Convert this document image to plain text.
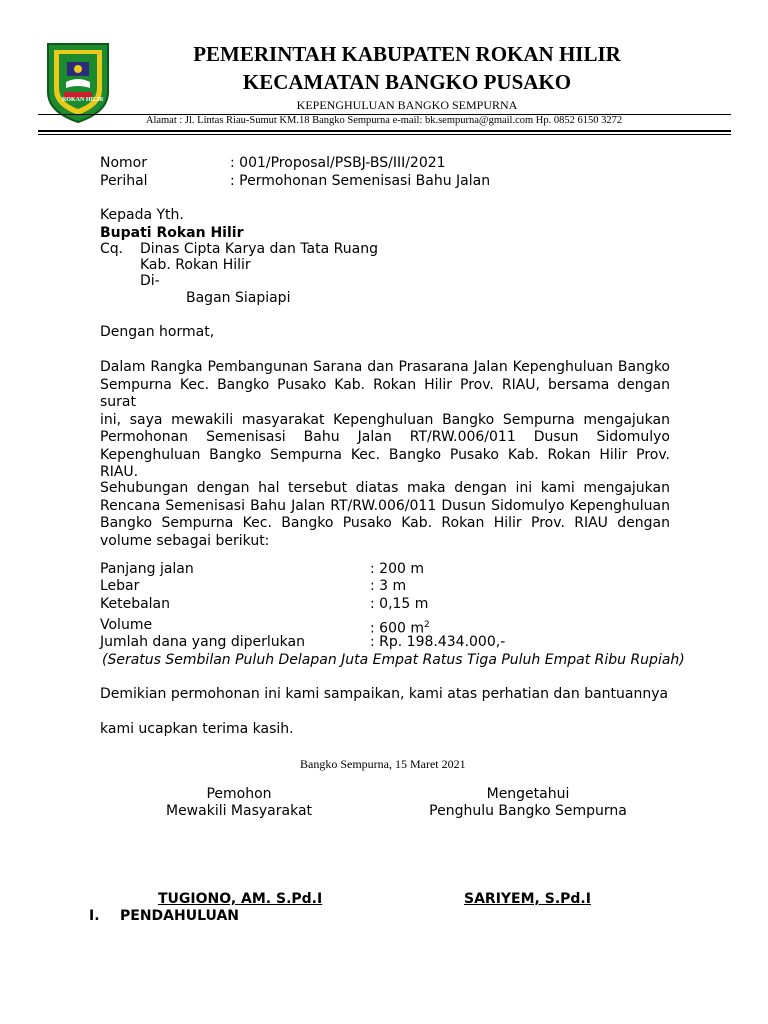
ROKAN HILIR
PEMERINTAH KABUPATEN ROKAN HILIR
KECAMATAN BANGKO PUSAKO
KEPENGHULUAN BANGKO SEMPURNA
Alamat : Jl. Lintas Riau-Sumut KM.18 Bangko Sempurna e-mail: bk.sempurna@gmail.com Hp. 0852 6150 3272
Nomor	: 001/Proposal/PSBJ-BS/III/2021
Perihal	: Permohonan Semenisasi Bahu Jalan
Kepada Yth.
Bupati Rokan Hilir
Cq. Dinas Cipta Karya dan Tata Ruang
Kab. Rokan Hilir
Di-
Bagan Siapiapi
Dengan hormat,
Dalam Rangka Pembangunan Sarana dan Prasarana Jalan Kepenghuluan Bangko
Sempurna Kec. Bangko Pusako Kab. Rokan Hilir Prov. RIAU, bersama dengan surat
ini, saya mewakili masyarakat Kepenghuluan Bangko Sempurna mengajukan
Permohonan Semenisasi Bahu Jalan RT/RW.006/011 Dusun Sidomulyo
Kepenghuluan Bangko Sempurna Kec. Bangko Pusako Kab. Rokan Hilir Prov.
RIAU.
Sehubungan dengan hal tersebut diatas maka dengan ini kami mengajukan
Rencana Semenisasi Bahu Jalan RT/RW.006/011 Dusun Sidomulyo Kepenghuluan
Bangko Sempurna Kec. Bangko Pusako Kab. Rokan Hilir Prov. RIAU dengan
volume sebagai berikut:
Panjang jalan	: 200 m
Lebar	: 3 m
Ketebalan	: 0,15 m
Volume	: 600 $m^2$
Jumlah dana yang diperlukan	: Rp. 198.434.000,-
(Seratus Sembilan Puluh Delapan Juta Empat Ratus Tiga Puluh Empat Ribu Rupiah)
Demikian permohonan ini kami sampaikan, kami atas perhatian dan bantuannya
kami ucapkan terima kasih.
Bangko Sempurna, 15 Maret 2021
Pemohon
Mewakili Masyarakat
Mengetahui
Penghulu Bangko Sempurna
TUGIONO, AM. S.Pd.I	SARIYEM, S.Pd.I
I. PENDAHULUAN
